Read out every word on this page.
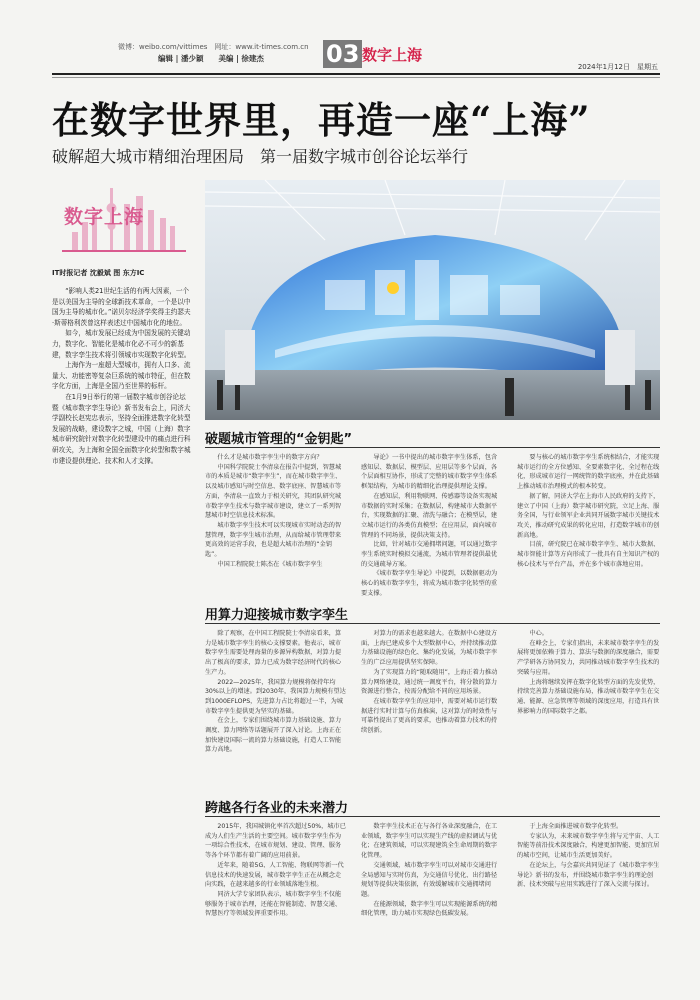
微博：weibo.com/vittimes　网址：www.it-times.com.cn
编辑 | 潘少颖　　美编 | 徐建杰	03 数字上海
2024年1月12日　星期五
在数字世界里，再造一座“上海”
破解超大城市精细治理困局　第一届数字城市创谷论坛举行
数字上海
IT时报记者 沈毅斌 图 东方IC

“影响人类21世纪生活的有两大因素，一个是以美国为主导的全球新技术革命，一个是以中国为主导的城市化。”诺贝尔经济学奖得主约瑟夫·斯蒂格利茨曾这样表述过中国城市化的地位。

如今，城市发展已经成为中国发展的关键动力，数字化、智能化是城市化必不可少的新基建，数字孪生技术将引领城市实现数字化转型。

上海作为一座超大型城市，拥有人口多、流量大、功能密等复杂巨系统的城市特征，但在数字化方面，上海是全国乃至世界的标杆。

在1月9日举行的第一届数字城市创谷论坛暨《城市数字孪生导论》新书发布会上，同济大学副校长赵宪忠表示，坚持全面推进数字化转型发展的战略，建设数字之城，中国（上海）数字城市研究院针对数字化转型建设中的痛点进行科研攻关，为上海和全国全面数字化转型和数字城市建设提供理论、技术和人才支撑。

破题城市管理的“金钥匙”

什么才是城市数字孪生中的数字方向？

中国科学院院士李清泉在报告中提到，智慧城市的本质是城市“数字孪生”，而在城市数字孪生、以及城市感知与时空信息、数字底座、智慧城市等方面，李清泉一直致力于相关研究，其团队研究城市数字孪生技术与数字城市建设，建立了一系列智慧城市时空信息技术标准。

城市数字孪生技术可以实现城市实时动态的智慧管理，数字孪生城市治理，从而给城市管理带来更高效的运营手段，也是超大城市治理的“金钥匙”。

中国工程院院士陈杰在《城市数字孪生

导论》一书中提出的城市数字孪生体系，包含感知层、数据层、模型层、应用层等多个层面，各个层面相互协作，形成了完整的城市数字孪生体系框架结构，为城市的精细化治理提供理论支撑。

在感知层，利用物联网、传感器等设备实现城市数据的实时采集；在数据层，构建城市大数据平台，实现数据的汇聚、清洗与融合；在模型层，建立城市运行的各类仿真模型；在应用层，面向城市管理的不同场景，提供决策支持。

比如，针对城市交通拥堵问题，可以通过数字孪生系统实时模拟交通流，为城市管理者提供最优的交通疏导方案。

《城市数字孪生导论》中提到，以数据驱动为核心的城市数字孪生，将成为城市数字化转型的重要支撑。

要与核心的城市数字孪生系统相结合，才能实现城市运行的全方位感知、全要素数字化、全过程在线化，形成城市运行一网统管的数字底座，并在此基础上推动城市治理模式的根本转变。

据了解，同济大学在上海市人民政府的支持下，建立了中国（上海）数字城市研究院，立足上海、服务全国，与行业领军企业共同开展数字城市关键技术攻关，推动研究成果的转化应用，打造数字城市的创新高地。

目前，研究院已在城市数字孪生、城市大数据、城市智能计算等方向形成了一批具有自主知识产权的核心技术与平台产品，并在多个城市落地应用。

用算力迎接城市数字孪生

除了观察，在中国工程院院士李清泉看来，算力是城市数字孪生的核心支撑要素。他表示，城市数字孪生需要处理海量的多源异构数据，对算力提出了极高的要求，算力已成为数字经济时代的核心生产力。

2022—2025年，我国算力规模将保持年均30%以上的增速。到2030年，我国算力规模有望达到1000EFLOPS，先进算力占比将超过一半，为城市数字孪生提供更为坚实的基础。

在会上，专家们围绕城市算力基础设施、算力调度、算力网络等话题展开了深入讨论。上海正在加快建设国际一流的算力基础设施，打造人工智能算力高地。

对算力的需求也越来越大。在数据中心建设方面，上海已建成多个大型数据中心，并持续推动算力基础设施的绿色化、集约化发展，为城市数字孪生的广泛应用提供坚实保障。

为了实现算力的“随取随用”，上海正着力推动算力网络建设，通过统一调度平台，将分散的算力资源进行整合，按需分配给不同的应用场景。

在城市数字孪生的应用中，需要对城市运行数据进行实时计算与仿真推演，这对算力的时效性与可靠性提出了更高的要求，也推动着算力技术的持续创新。

中心。

在峰会上，专家们指出，未来城市数字孪生的发展将更加依赖于算力、算法与数据的深度融合，需要产学研各方协同发力，共同推动城市数字孪生技术的突破与应用。

上海将继续发挥在数字化转型方面的先发优势，持续完善算力基础设施布局，推动城市数字孪生在交通、能源、应急管理等领域的深度应用，打造具有世界影响力的国际数字之都。

跨越各行各业的未来潜力

2015年，我国城镇化率首次超过50%，城市已成为人们生产生活的主要空间。城市数字孪生作为一项综合性技术，在城市规划、建设、管理、服务等各个环节都有着广阔的应用前景。

近年来，随着5G、人工智能、物联网等新一代信息技术的快速发展，城市数字孪生正在从概念走向实践，在越来越多的行业领域落地生根。

同济大学专家团队表示，城市数字孪生不仅能够服务于城市治理，还能在智能制造、智慧交通、智慧医疗等领域发挥重要作用。

数字孪生技术正在与各行各业深度融合，在工业领域，数字孪生可以实现生产线的虚拟调试与优化；在建筑领域，可以实现建筑全生命周期的数字化管理。

交通领域，城市数字孪生可以对城市交通进行全局感知与实时仿真，为交通信号优化、出行路径规划等提供决策依据，有效缓解城市交通拥堵问题。

在能源领域，数字孪生可以实现能源系统的精细化管理，助力城市实现绿色低碳发展。

于上海全面推进城市数字化转型。

专家认为，未来城市数字孪生将与元宇宙、人工智能等前沿技术深度融合，构建更加智能、更加宜居的城市空间，让城市生活更加美好。

在论坛上，与会嘉宾共同见证了《城市数字孪生导论》新书的发布，并围绕城市数字孪生的理论创新、技术突破与应用实践进行了深入交流与探讨。
